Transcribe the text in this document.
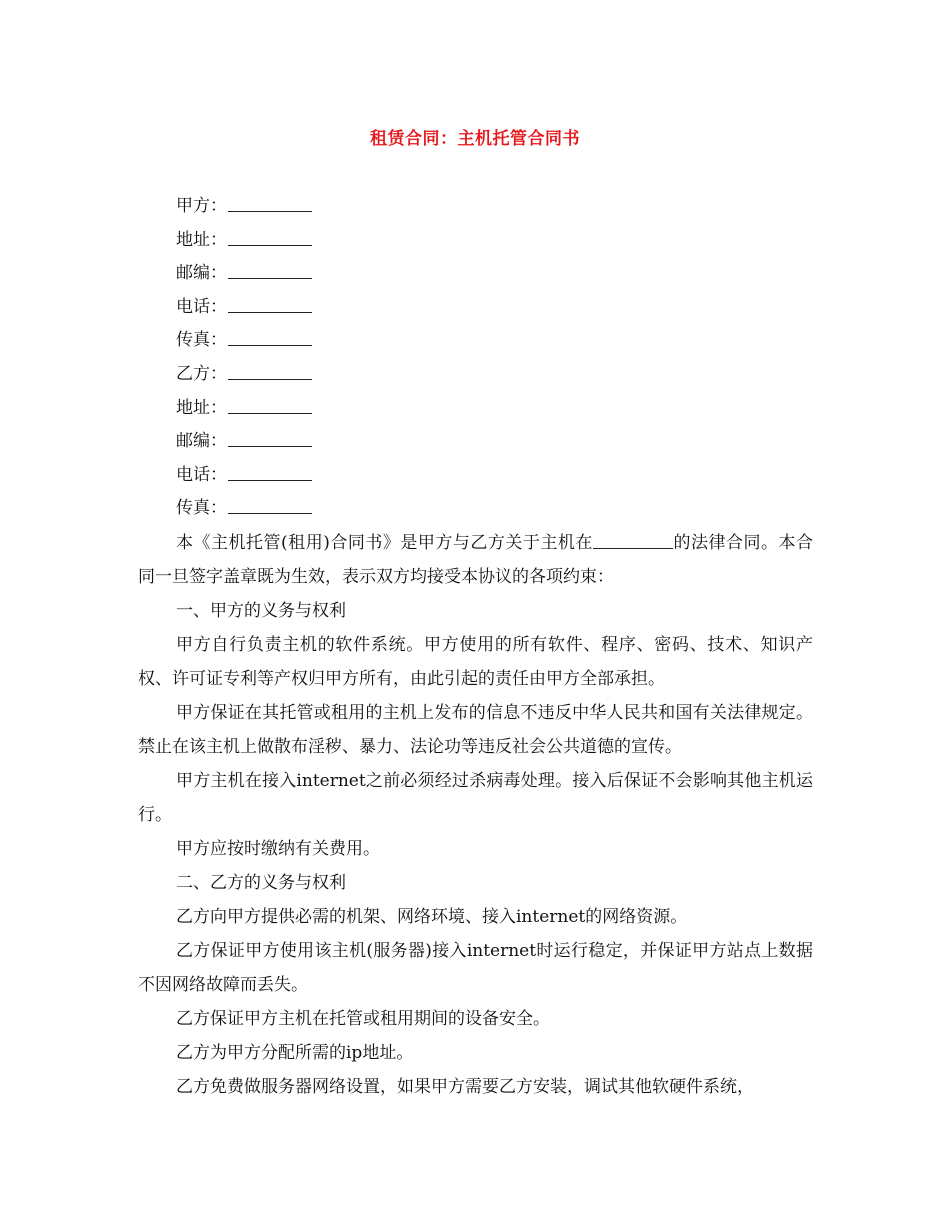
租赁合同：主机托管合同书
甲方：
地址：
邮编：
电话：
传真：
乙方：
地址：
邮编：
电话：
传真：

本《主机托管(租用)合同书》是甲方与乙方关于主机在	的法律合同。本合同一旦签字盖章既为生效，表示双方均接受本协议的各项约束：

一、甲方的义务与权利

甲方自行负责主机的软件系统。甲方使用的所有软件、程序、密码、技术、知识产权、许可证专利等产权归甲方所有，由此引起的责任由甲方全部承担。

甲方保证在其托管或租用的主机上发布的信息不违反中华人民共和国有关法律规定。禁止在该主机上做散布淫秽、暴力、法论功等违反社会公共道德的宣传。

甲方主机在接入internet之前必须经过杀病毒处理。接入后保证不会影响其他主机运行。

甲方应按时缴纳有关费用。

二、乙方的义务与权利

乙方向甲方提供必需的机架、网络环境、接入internet的网络资源。

乙方保证甲方使用该主机(服务器)接入internet时运行稳定，并保证甲方站点上数据不因网络故障而丢失。

乙方保证甲方主机在托管或租用期间的设备安全。

乙方为甲方分配所需的ip地址。

乙方免费做服务器网络设置，如果甲方需要乙方安装，调试其他软硬件系统，
